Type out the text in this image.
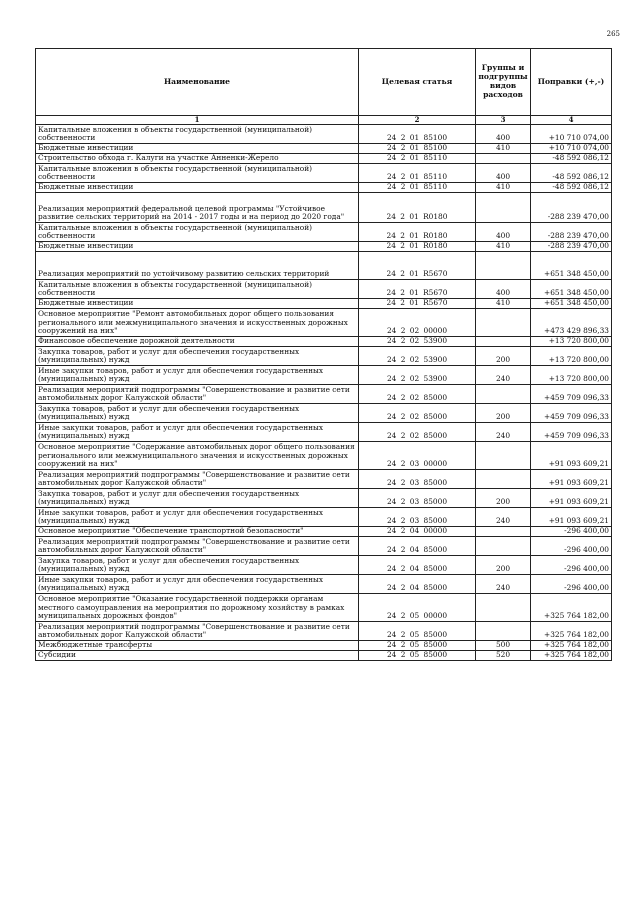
265
Наименование	Целевая статья	Группы и подгруппы видов расходов	Поправки (+,-)
1	2	3	4
Капитальные вложения в объекты государственной (муниципальной) собственности	24 2 01 85100	400	+10 710 074,00
Бюджетные инвестиции	24 2 01 85100	410	+10 710 074,00
Строительство обхода г. Калуги на участке Анненки-Жерело	24 2 01 85110		-48 592 086,12
Капитальные вложения в объекты государственной (муниципальной) собственности	24 2 01 85110	400	-48 592 086,12
Бюджетные инвестиции	24 2 01 85110	410	-48 592 086,12
Реализация мероприятий федеральной целевой программы "Устойчивое развитие сельских территорий на 2014 - 2017 годы и на период до 2020 года"	24 2 01 R0180		-288 239 470,00
Капитальные вложения в объекты государственной (муниципальной) собственности	24 2 01 R0180	400	-288 239 470,00
Бюджетные инвестиции	24 2 01 R0180	410	-288 239 470,00
Реализация мероприятий по устойчивому развитию сельских территорий	24 2 01 R5670		+651 348 450,00
Капитальные вложения в объекты государственной (муниципальной) собственности	24 2 01 R5670	400	+651 348 450,00
Бюджетные инвестиции	24 2 01 R5670	410	+651 348 450,00
Основное мероприятие "Ремонт автомобильных дорог общего пользования регионального или межмуниципального значения и искусственных дорожных сооружений на них"	24 2 02 00000		+473 429 896,33
Финансовое обеспечение дорожной деятельности	24 2 02 53900		+13 720 800,00
Закупка товаров, работ и услуг для обеспечения государственных (муниципальных) нужд	24 2 02 53900	200	+13 720 800,00
Иные закупки товаров, работ и услуг для обеспечения государственных (муниципальных) нужд	24 2 02 53900	240	+13 720 800,00
Реализация мероприятий подпрограммы "Совершенствование и развитие сети автомобильных дорог Калужской области"	24 2 02 85000		+459 709 096,33
Закупка товаров, работ и услуг для обеспечения государственных (муниципальных) нужд	24 2 02 85000	200	+459 709 096,33
Иные закупки товаров, работ и услуг для обеспечения государственных (муниципальных) нужд	24 2 02 85000	240	+459 709 096,33
Основное мероприятие "Содержание автомобильных дорог общего пользования регионального или межмуниципального значения и искусственных дорожных сооружений на них"	24 2 03 00000		+91 093 609,21
Реализация мероприятий подпрограммы "Совершенствование и развитие сети автомобильных дорог Калужской области"	24 2 03 85000		+91 093 609,21
Закупка товаров, работ и услуг для обеспечения государственных (муниципальных) нужд	24 2 03 85000	200	+91 093 609,21
Иные закупки товаров, работ и услуг для обеспечения государственных (муниципальных) нужд	24 2 03 85000	240	+91 093 609,21
Основное мероприятие "Обеспечение транспортной безопасности"	24 2 04 00000		-296 400,00
Реализация мероприятий подпрограммы "Совершенствование и развитие сети автомобильных дорог Калужской области"	24 2 04 85000		-296 400,00
Закупка товаров, работ и услуг для обеспечения государственных (муниципальных) нужд	24 2 04 85000	200	-296 400,00
Иные закупки товаров, работ и услуг для обеспечения государственных (муниципальных) нужд	24 2 04 85000	240	-296 400,00
Основное мероприятие "Оказание государственной поддержки органам местного самоуправления на мероприятия по дорожному хозяйству в рамках муниципальных дорожных фондов"	24 2 05 00000		+325 764 182,00
Реализация мероприятий подпрограммы "Совершенствование и развитие сети автомобильных дорог Калужской области"	24 2 05 85000		+325 764 182,00
Межбюджетные трансферты	24 2 05 85000	500	+325 764 182,00
Субсидии	24 2 05 85000	520	+325 764 182,00
